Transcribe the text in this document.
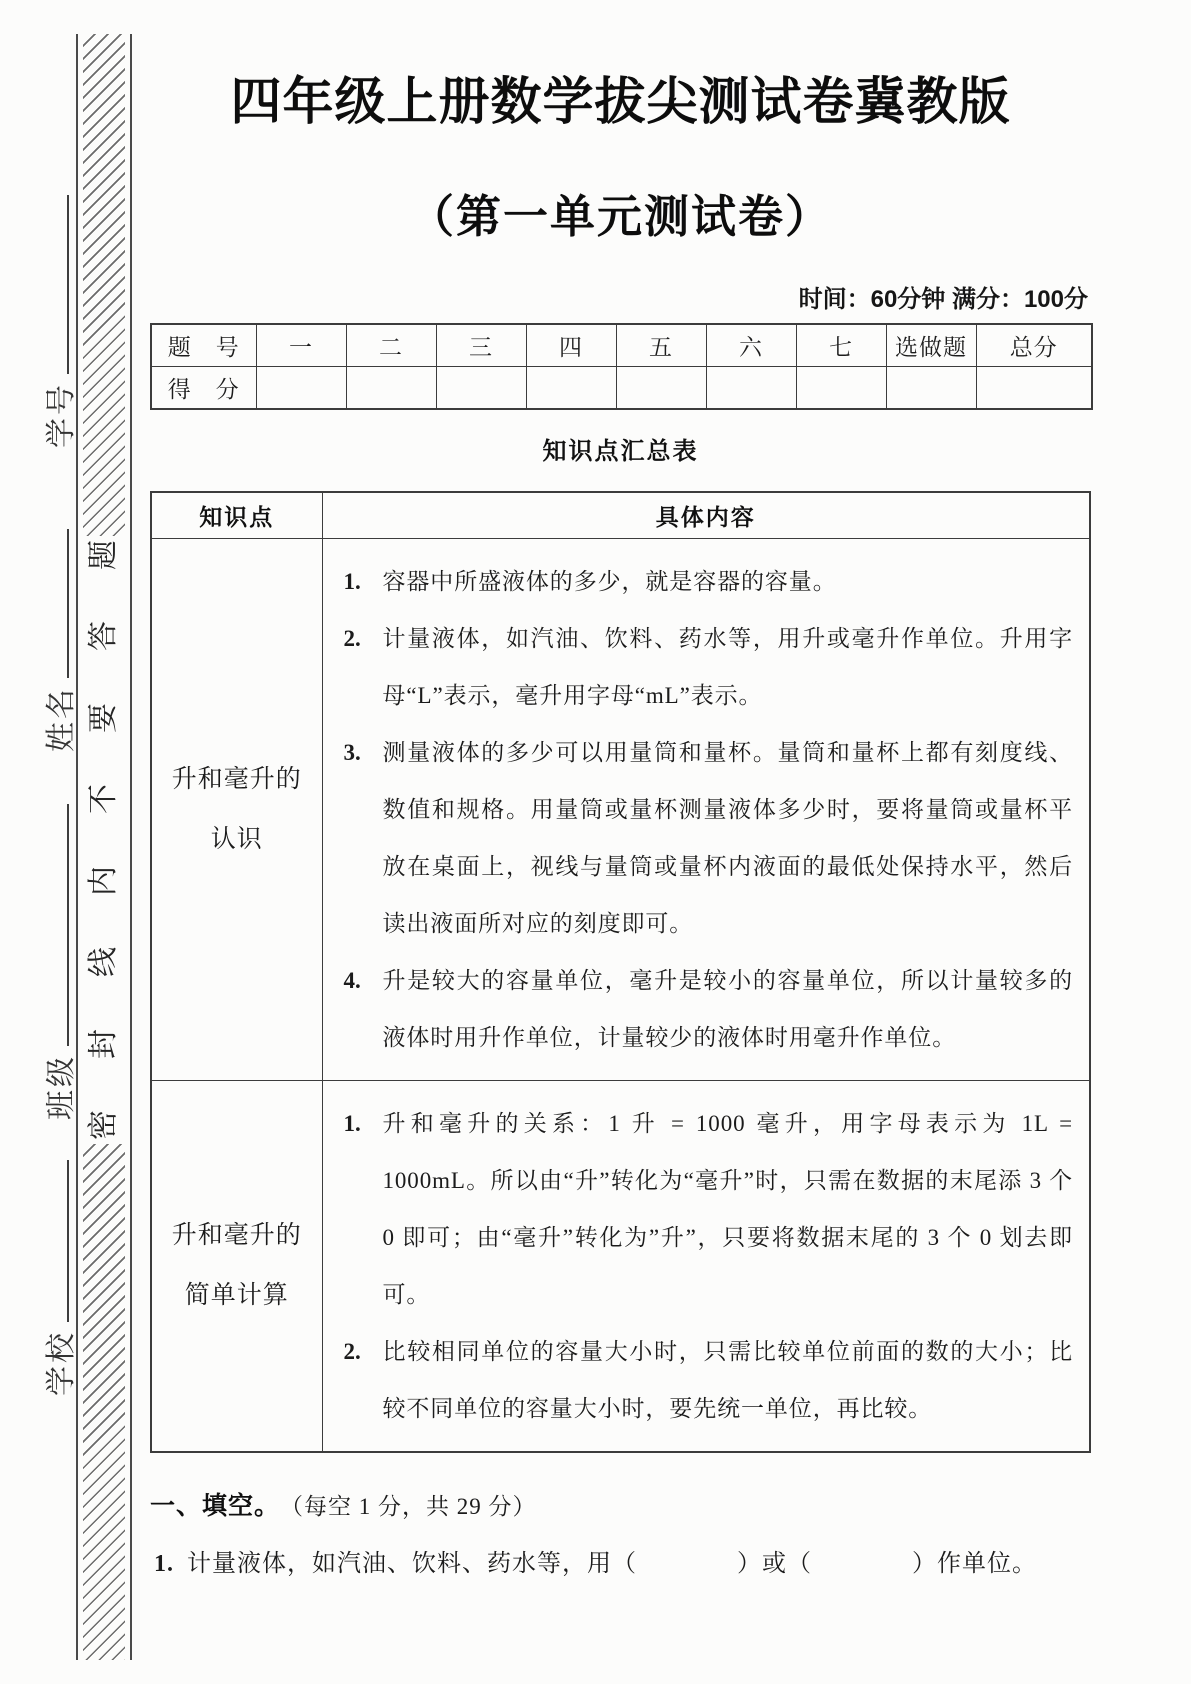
题
答
要
不
内
线
封
密
学号
姓名
班级
学校
四年级上册数学拔尖测试卷冀教版
（第一单元测试卷）
时间：60分钟 满分：100分
题　号	一	二	三	四	五	六	七	选做题	总分
得　分									
知识点汇总表
知识点	具体内容

升和毫升的
认识

1. 容器中所盛液体的多少，就是容器的容量。
2. 计量液体，如汽油、饮料、药水等，用升或毫升作单位。升用字母“L”表示，毫升用字母“mL”表示。
3. 测量液体的多少可以用量筒和量杯。量筒和量杯上都有刻度线、数值和规格。用量筒或量杯测量液体多少时，要将量筒或量杯平放在桌面上，视线与量筒或量杯内液面的最低处保持水平，然后读出液面所对应的刻度即可。
4. 升是较大的容量单位，毫升是较小的容量单位，所以计量较多的液体时用升作单位，计量较少的液体时用毫升作单位。

升和毫升的
简单计算

1. 升和毫升的关系：1 升 = 1000 毫升，用字母表示为 1L = 1000mL。所以由“升”转化为“毫升”时，只需在数据的末尾添 3 个 0 即可；由“毫升”转化为”升”，只要将数据末尾的 3 个 0 划去即可。
2. 比较相同单位的容量大小时，只需比较单位前面的数的大小；比较不同单位的容量大小时，要先统一单位，再比较。
一、填空。 （每空 1 分，共 29 分）
1. 计量液体，如汽油、饮料、药水等，用（　　　　）或（　　　　）作单位。
